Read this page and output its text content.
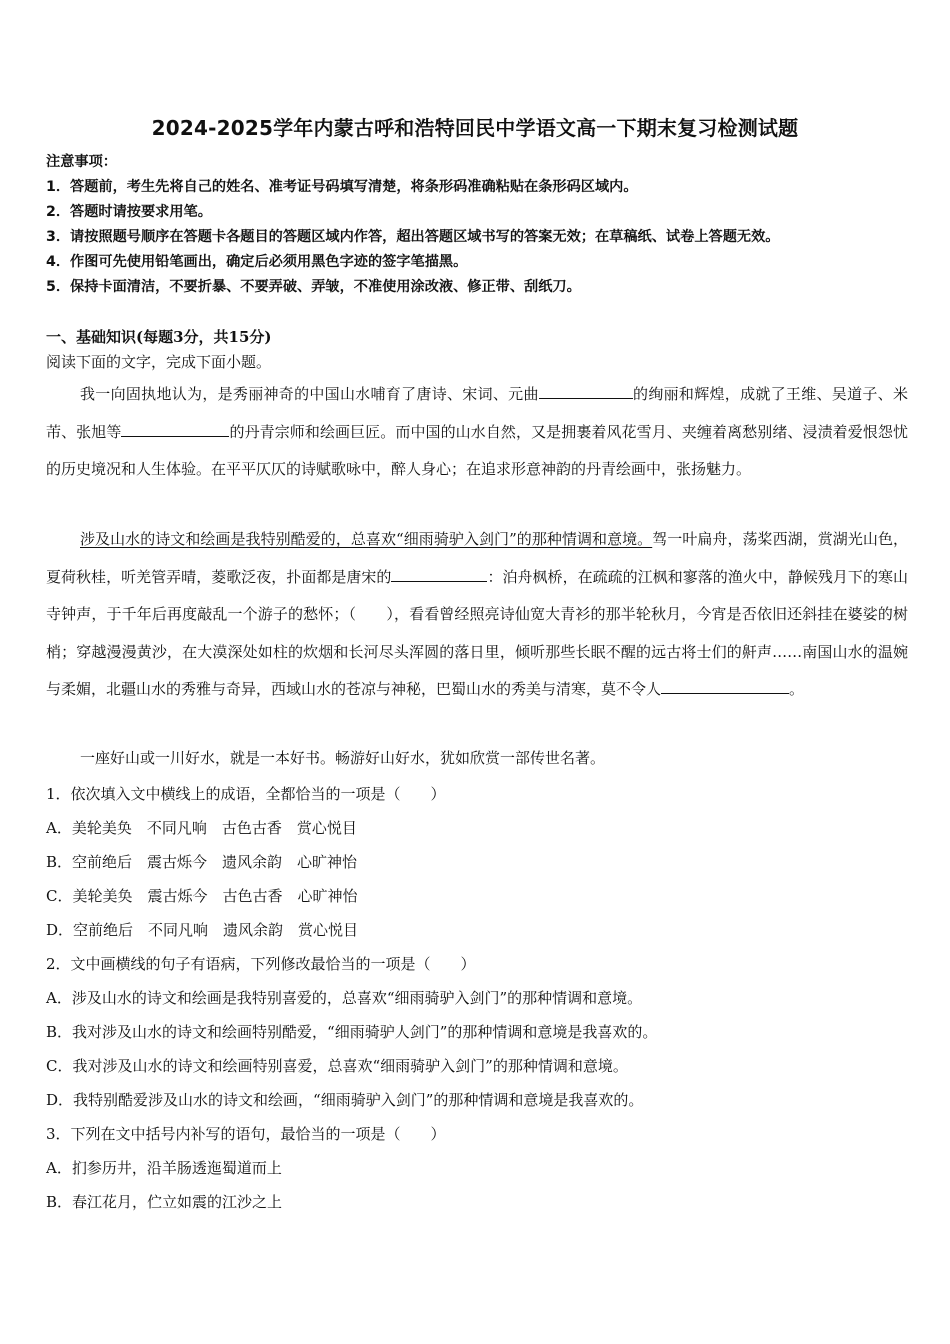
2024-2025学年内蒙古呼和浩特回民中学语文高一下期末复习检测试题
注意事项：
1．答题前，考生先将自己的姓名、准考证号码填写清楚，将条形码准确粘贴在条形码区域内。
2．答题时请按要求用笔。
3．请按照题号顺序在答题卡各题目的答题区域内作答，超出答题区域书写的答案无效；在草稿纸、试卷上答题无效。
4．作图可先使用铅笔画出，确定后必须用黑色字迹的签字笔描黑。
5．保持卡面清洁，不要折暴、不要弄破、弄皱，不准使用涂改液、修正带、刮纸刀。
一、基础知识(每题3分，共15分)
阅读下面的文字，完成下面小题。
我一向固执地认为，是秀丽神奇的中国山水哺育了唐诗、宋词、元曲	的绚丽和辉煌，成就了王维、吴道子、米芾、张旭等	的丹青宗师和绘画巨匠。而中国的山水自然，又是拥裹着风花雪月、夹缠着离愁别绪、浸渍着爱恨怨忧的历史境况和人生体验。在平平仄仄的诗赋歌咏中，醉人身心；在追求形意神韵的丹青绘画中，张扬魅力。
涉及山水的诗文和绘画是我特别酷爱的，总喜欢“细雨骑驴入剑门”的那种情调和意境。驾一叶扁舟，荡桨西湖，赏湖光山色，夏荷秋桂，听羌管弄晴，菱歌泛夜，扑面都是唐宋的	：泊舟枫桥，在疏疏的江枫和寥落的渔火中，静候残月下的寒山寺钟声，于千年后再度敲乱一个游子的愁怀；（　　），看看曾经照亮诗仙宽大青衫的那半轮秋月，今宵是否依旧还斜挂在婆娑的树梢；穿越漫漫黄沙，在大漠深处如柱的炊烟和长河尽头浑圆的落日里，倾听那些长眠不醒的远古将士们的鼾声……南国山水的温婉与柔媚，北疆山水的秀雅与奇异，西域山水的苍凉与神秘，巴蜀山水的秀美与清寒，莫不令人	。
一座好山或一川好水，就是一本好书。畅游好山好水，犹如欣赏一部传世名著。
1．依次填入文中横线上的成语，全都恰当的一项是（　　）
A．美轮美奂　不同凡响　古色古香　赏心悦目
B．空前绝后　震古烁今　遗风余韵　心旷神怡
C．美轮美奂　震古烁今　古色古香　心旷神怡
D．空前绝后　不同凡响　遗风余韵　赏心悦目
2．文中画横线的句子有语病，下列修改最恰当的一项是（　　）
A．涉及山水的诗文和绘画是我特别喜爱的，总喜欢“细雨骑驴入剑门”的那种情调和意境。
B．我对涉及山水的诗文和绘画特别酷爱，“细雨骑驴人剑门”的那种情调和意境是我喜欢的。
C．我对涉及山水的诗文和绘画特别喜爱，总喜欢“细雨骑驴入剑门”的那种情调和意境。
D．我特别酷爱涉及山水的诗文和绘画，“细雨骑驴入剑门”的那种情调和意境是我喜欢的。
3．下列在文中括号内补写的语句，最恰当的一项是（　　）
A．扪参历井，沿羊肠透迤蜀道而上
B．春江花月，伫立如震的江沙之上
